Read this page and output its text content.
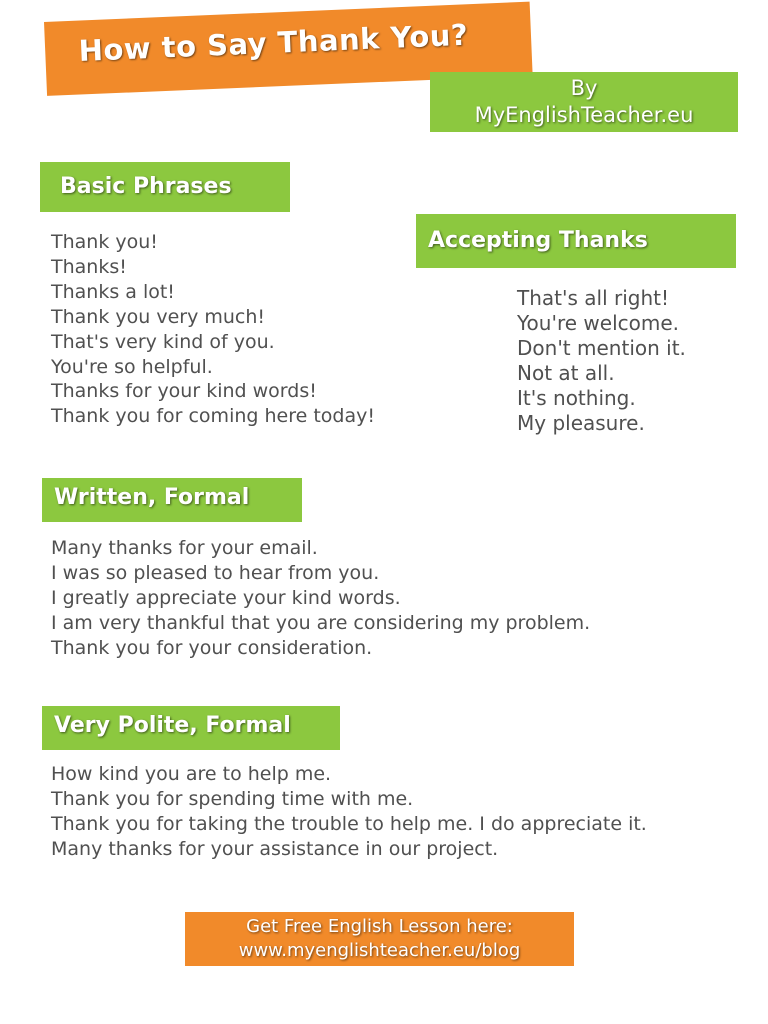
How to Say Thank You?
By
MyEnglishTeacher.eu
Basic Phrases
Thank you!
Thanks!
Thanks a lot!
Thank you very much!
That's very kind of you.
You're so helpful.
Thanks for your kind words!
Thank you for coming here today!
Accepting Thanks
That's all right!
You're welcome.
Don't mention it.
Not at all.
It's nothing.
My pleasure.
Written, Formal
Many thanks for your email.
I was so pleased to hear from you.
I greatly appreciate your kind words.
I am very thankful that you are considering my problem.
Thank you for your consideration.
Very Polite, Formal
How kind you are to help me.
Thank you for spending time with me.
Thank you for taking the trouble to help me. I do appreciate it.
Many thanks for your assistance in our project.
Get Free English Lesson here:
www.myenglishteacher.eu/blog
